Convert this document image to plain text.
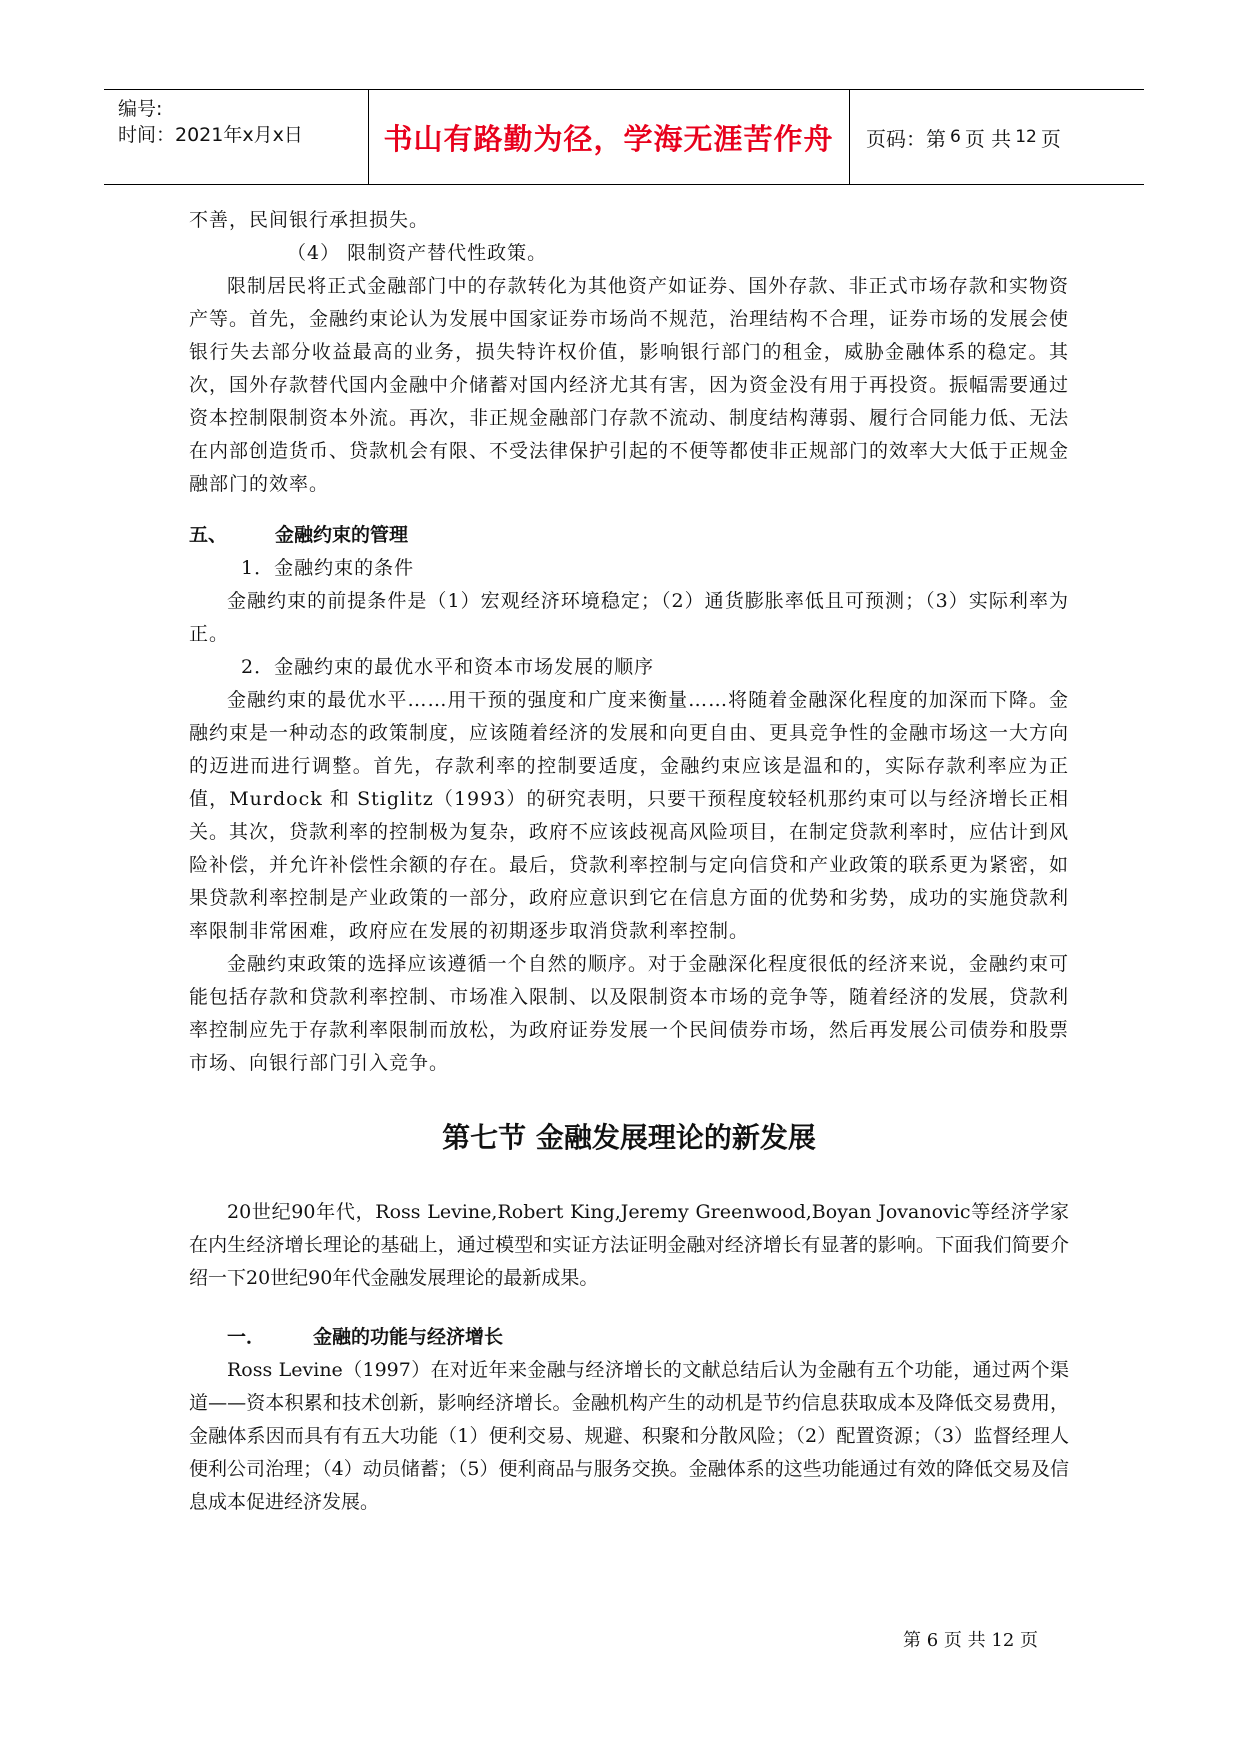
编号:
时间：2021年x月x日	书山有路勤为径，学海无涯苦作舟	页码：第 6 页 共 12 页

不善，民间银行承担损失。

（4） 限制资产替代性政策。

限制居民将正式金融部门中的存款转化为其他资产如证券、国外存款、非正式市场存款和实物资产等。首先，金融约束论认为发展中国家证券市场尚不规范，治理结构不合理，证券市场的发展会使银行失去部分收益最高的业务，损失特许权价值，影响银行部门的租金，威胁金融体系的稳定。其次，国外存款替代国内金融中介储蓄对国内经济尤其有害，因为资金没有用于再投资。振幅需要通过资本控制限制资本外流。再次，非正规金融部门存款不流动、制度结构薄弱、履行合同能力低、无法在内部创造货币、贷款机会有限、不受法律保护引起的不便等都使非正规部门的效率大大低于正规金融部门的效率。

五、	金融约束的管理

1．金融约束的条件

金融约束的前提条件是（1）宏观经济环境稳定；（2）通货膨胀率低且可预测；（3）实际利率为正。

2．金融约束的最优水平和资本市场发展的顺序

金融约束的最优水平……用干预的强度和广度来衡量……将随着金融深化程度的加深而下降。金融约束是一种动态的政策制度，应该随着经济的发展和向更自由、更具竞争性的金融市场这一大方向的迈进而进行调整。首先，存款利率的控制要适度，金融约束应该是温和的，实际存款利率应为正值，Murdock 和 Stiglitz（1993）的研究表明，只要干预程度较轻机那约束可以与经济增长正相关。其次，贷款利率的控制极为复杂，政府不应该歧视高风险项目，在制定贷款利率时，应估计到风险补偿，并允许补偿性余额的存在。最后，贷款利率控制与定向信贷和产业政策的联系更为紧密，如果贷款利率控制是产业政策的一部分，政府应意识到它在信息方面的优势和劣势，成功的实施贷款利率限制非常困难，政府应在发展的初期逐步取消贷款利率控制。

金融约束政策的选择应该遵循一个自然的顺序。对于金融深化程度很低的经济来说，金融约束可能包括存款和贷款利率控制、市场准入限制、以及限制资本市场的竞争等，随着经济的发展，贷款利率控制应先于存款利率限制而放松，为政府证券发展一个民间债券市场，然后再发展公司债券和股票市场、向银行部门引入竞争。

第七节 金融发展理论的新发展

20世纪90年代，Ross Levine,Robert King,Jeremy Greenwood,Boyan Jovanovic等经济学家在内生经济增长理论的基础上，通过模型和实证方法证明金融对经济增长有显著的影响。下面我们简要介绍一下20世纪90年代金融发展理论的最新成果。

一．	金融的功能与经济增长

Ross Levine（1997）在对近年来金融与经济增长的文献总结后认为金融有五个功能，通过两个渠道——资本积累和技术创新，影响经济增长。金融机构产生的动机是节约信息获取成本及降低交易费用，金融体系因而具有有五大功能（1）便利交易、规避、积聚和分散风险；（2）配置资源；（3）监督经理人便利公司治理；（4）动员储蓄；（5）便利商品与服务交换。金融体系的这些功能通过有效的降低交易及信息成本促进经济发展。

第 6 页 共 12 页
